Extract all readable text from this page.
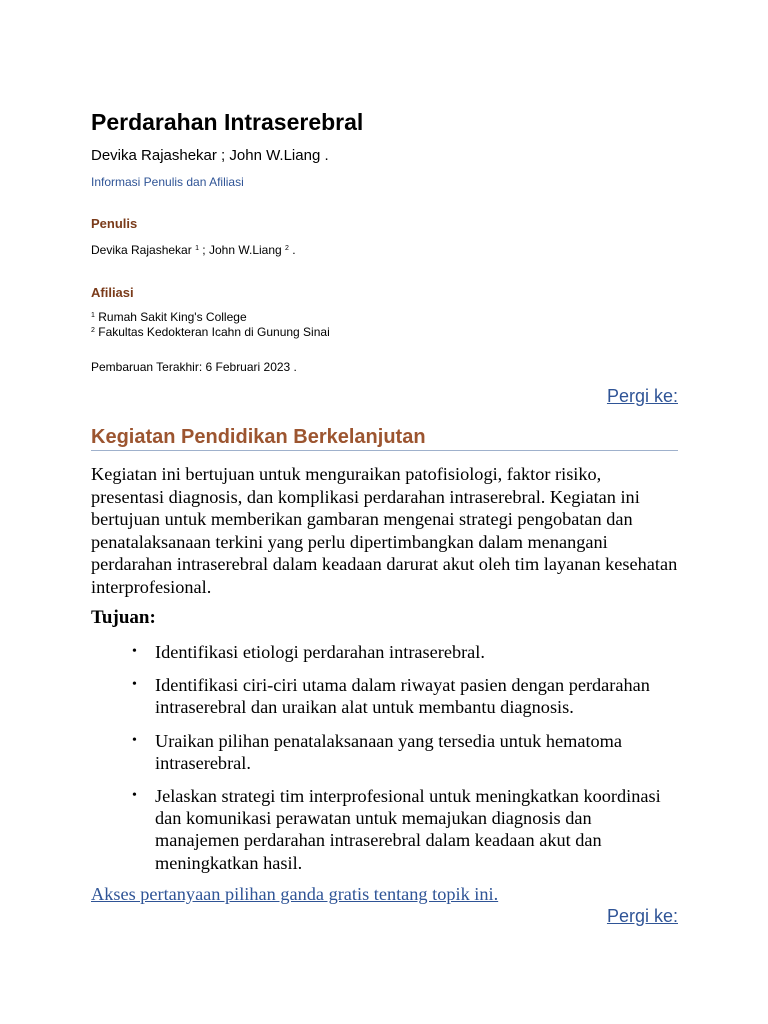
Perdarahan Intraserebral
Devika Rajashekar ; John W.Liang .
Informasi Penulis dan Afiliasi
Penulis
Devika Rajashekar $^1$ ; John W.Liang $^2$ .
Afiliasi
$^1$ Rumah Sakit King's College
$^2$ Fakultas Kedokteran Icahn di Gunung Sinai
Pembaruan Terakhir: 6 Februari 2023 .
Pergi ke:
Kegiatan Pendidikan Berkelanjutan

Kegiatan ini bertujuan untuk menguraikan patofisiologi, faktor risiko, presentasi diagnosis, dan komplikasi perdarahan intraserebral. Kegiatan ini bertujuan untuk memberikan gambaran mengenai strategi pengobatan dan penatalaksanaan terkini yang perlu dipertimbangkan dalam menangani perdarahan intraserebral dalam keadaan darurat akut oleh tim layanan kesehatan interprofesional.

Tujuan:
• Identifikasi etiologi perdarahan intraserebral.
• Identifikasi ciri-ciri utama dalam riwayat pasien dengan perdarahan intraserebral dan uraikan alat untuk membantu diagnosis.
• Uraikan pilihan penatalaksanaan yang tersedia untuk hematoma intraserebral.
• Jelaskan strategi tim interprofesional untuk meningkatkan koordinasi dan komunikasi perawatan untuk memajukan diagnosis dan manajemen perdarahan intraserebral dalam keadaan akut dan meningkatkan hasil.
Akses pertanyaan pilihan ganda gratis tentang topik ini.
Pergi ke:
